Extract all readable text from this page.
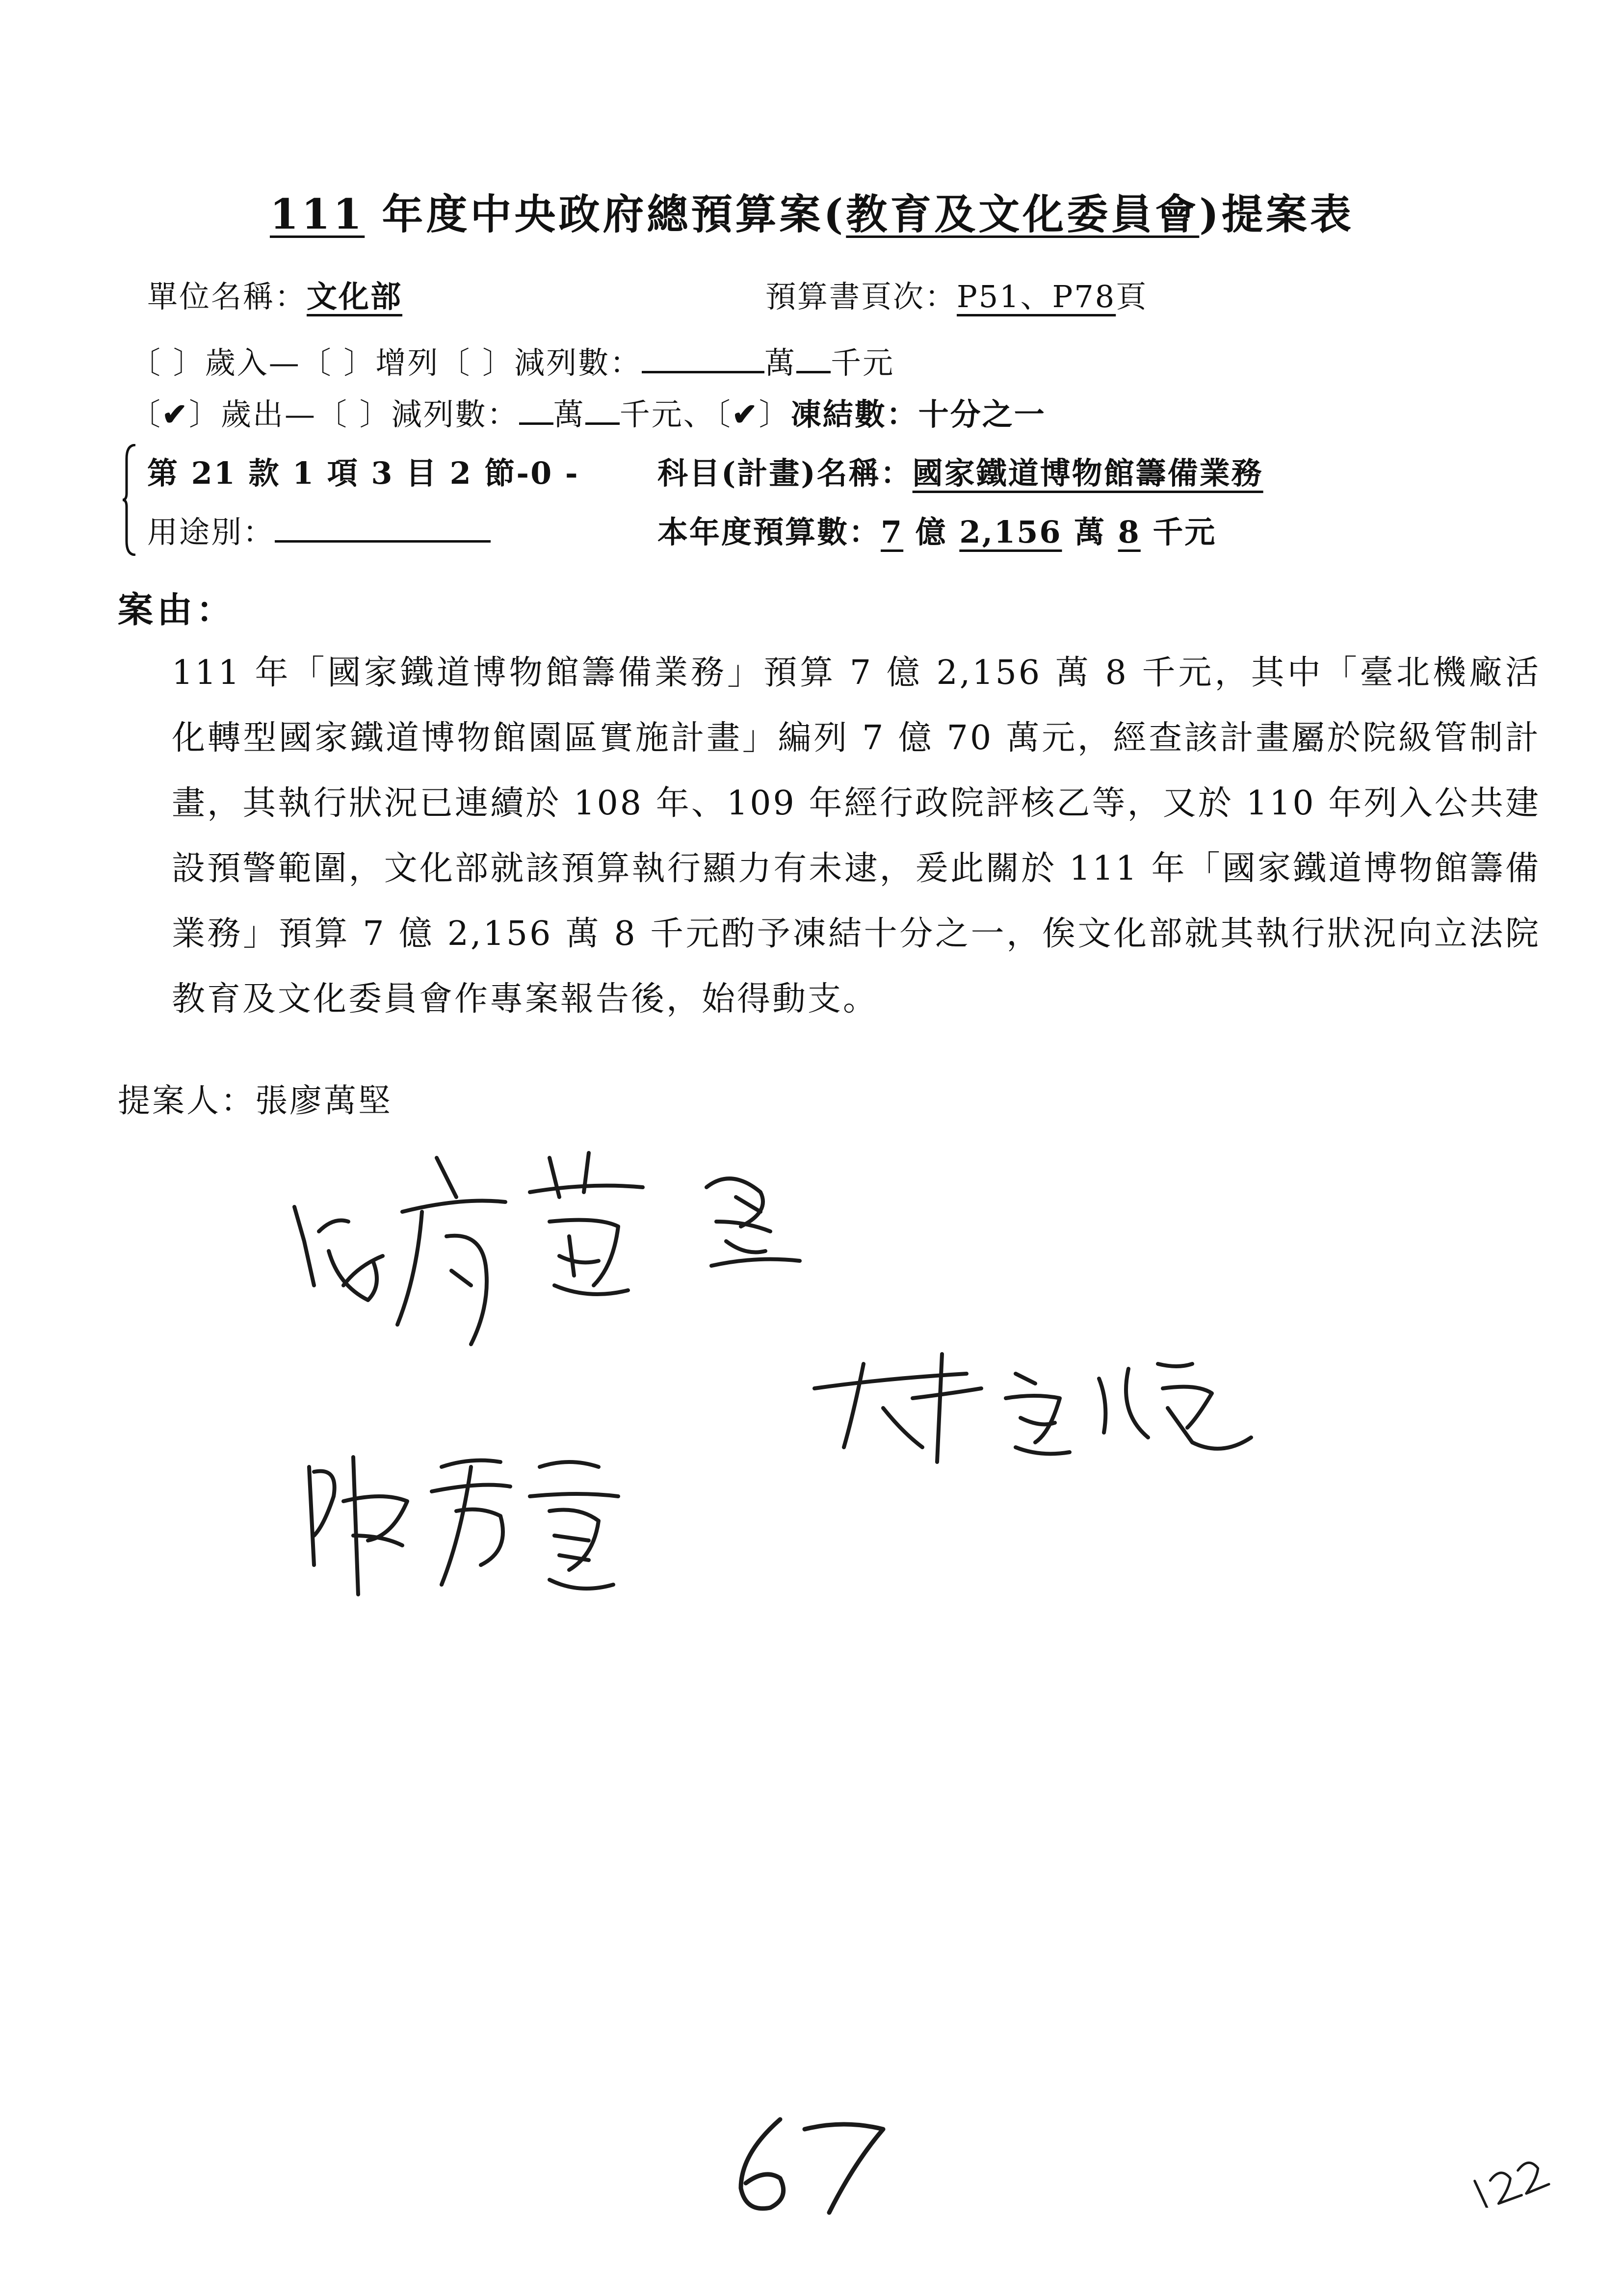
111 年度中央政府總預算案(教育及文化委員會)提案表
單位名稱：文化部	預算書頁次：P51、P78頁
〔 〕歲入—〔 〕增列〔 〕減列數：	萬 千元
〔✔〕歲出—〔 〕減列數： 萬 千元、〔✔〕凍結數：十分之一
第 21 款 1 項 3 目 2 節-0 -	科目(計畫)名稱：國家鐵道博物館籌備業務
用途別：	本年度預算數：7 億 2,156 萬 8 千元
案由：
111 年「國家鐵道博物館籌備業務」預算 7 億 2,156 萬 8 千元，其中「臺北機廠活化轉型國家鐵道博物館園區實施計畫」編列 7 億 70 萬元，經查該計畫屬於院級管制計畫，其執行狀況已連續於 108 年、109 年經行政院評核乙等，又於 110 年列入公共建設預警範圍，文化部就該預算執行顯力有未逮，爰此關於 111 年「國家鐵道博物館籌備業務」預算 7 億 2,156 萬 8 千元酌予凍結十分之一，俟文化部就其執行狀況向立法院教育及文化委員會作專案報告後，始得動支。
提案人：張廖萬堅
